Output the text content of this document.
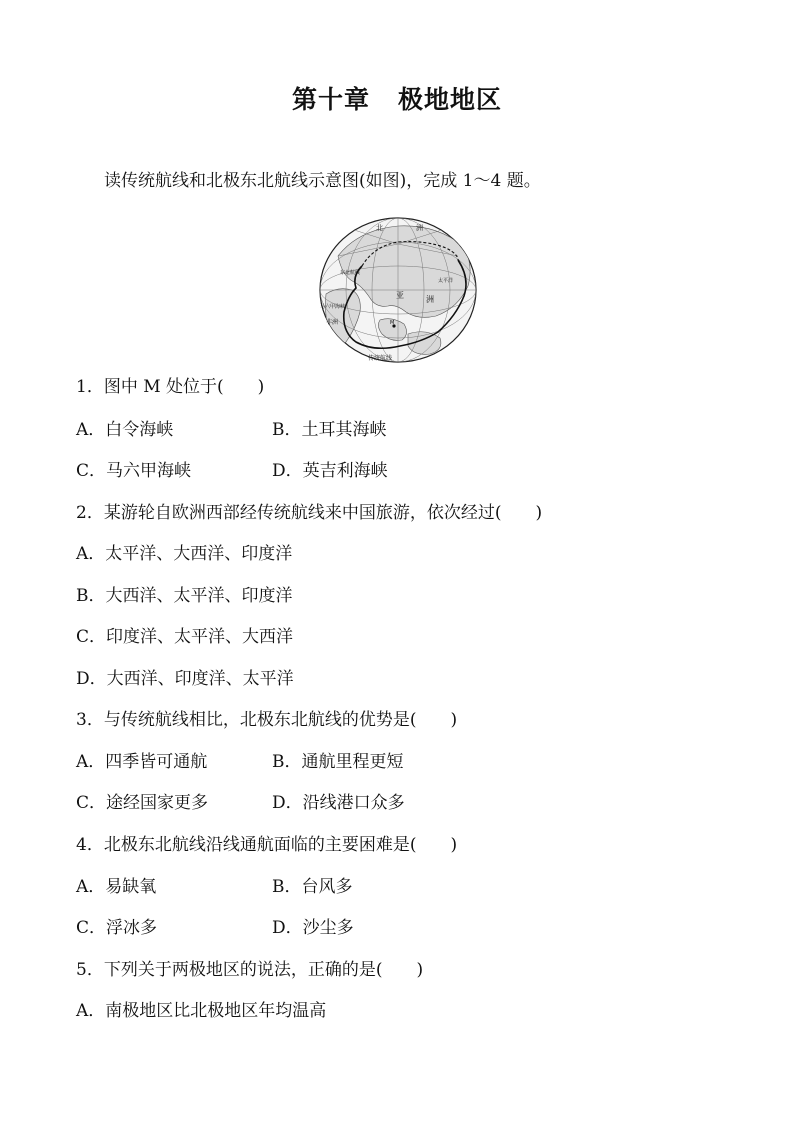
第十章 极地地区
读传统航线和北极东北航线示意图(如图)，完成 1～4 题。
北	洲
亚	洲
东北航线
马六甲海峡
非洲
太平洋
传统航线
M
1．图中 M 处位于(　　)
A．白令海峡	B．土耳其海峡
C．马六甲海峡	D．英吉利海峡
2．某游轮自欧洲西部经传统航线来中国旅游，依次经过(　　)
A．太平洋、大西洋、印度洋
B．大西洋、太平洋、印度洋
C．印度洋、太平洋、大西洋
D．大西洋、印度洋、太平洋
3．与传统航线相比，北极东北航线的优势是(　　)
A．四季皆可通航	B．通航里程更短
C．途经国家更多	D．沿线港口众多
4．北极东北航线沿线通航面临的主要困难是(　　)
A．易缺氧	B．台风多
C．浮冰多	D．沙尘多
5．下列关于两极地区的说法，正确的是(　　)
A．南极地区比北极地区年均温高
